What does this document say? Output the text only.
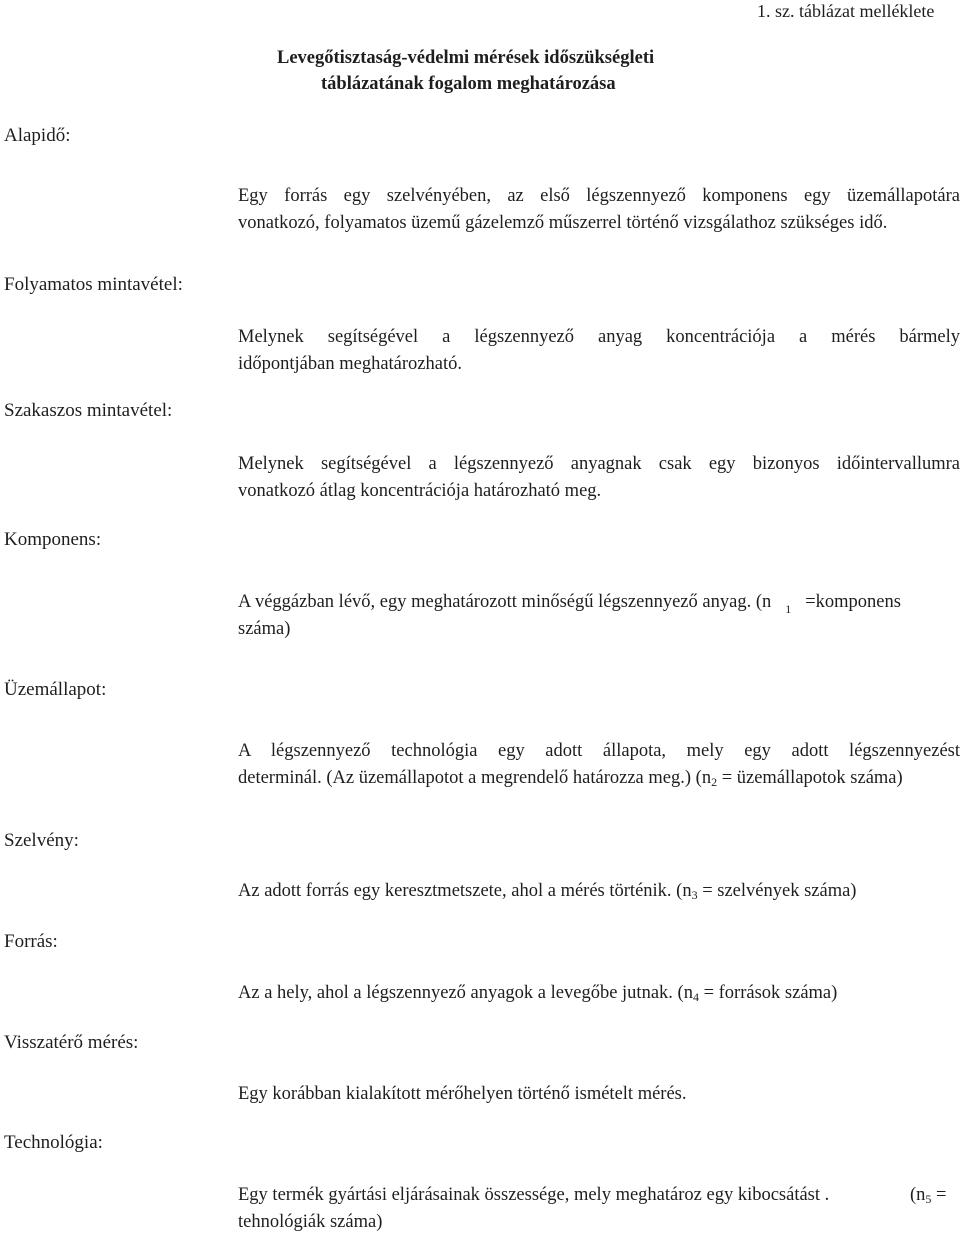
1. sz. táblázat melléklete
Levegőtisztaság-védelmi mérések időszükségleti
táblázatának fogalom meghatározása
Alapidő:
Egy forrás egy szelvényében, az első légszennyező komponens egy üzemállapotára
vonatkozó, folyamatos üzemű gázelemző műszerrel történő vizsgálathoz szükséges idő.
Folyamatos mintavétel:
Melynek segítségével a légszennyező anyag koncentrációja a mérés bármely
időpontjában meghatározható.
Szakaszos mintavétel:
Melynek segítségével a légszennyező anyagnak csak egy bizonyos időintervallumra
vonatkozó átlag koncentrációja határozható meg.
Komponens:
A véggázban lévő, egy meghatározott minőségű légszennyező anyag. (n $_1$ =komponens
száma)
Üzemállapot:
A légszennyező technológia egy adott állapota, mely egy adott légszennyezést
determinál. (Az üzemállapotot a megrendelő határozza meg.) ($n_2$ = üzemállapotok száma)
Szelvény:
Az adott forrás egy keresztmetszete, ahol a mérés történik. ($n_3$ = szelvények száma)
Forrás:
Az a hely, ahol a légszennyező anyagok a levegőbe jutnak. ($n_4$ = források száma)
Visszatérő mérés:
Egy korábban kialakított mérőhelyen történő ismételt mérés.
Technológia:
Egy termék gyártási eljárásainak összessége, mely meghatároz egy kibocsátást .	($n_5$ =
tehnológiák száma)
